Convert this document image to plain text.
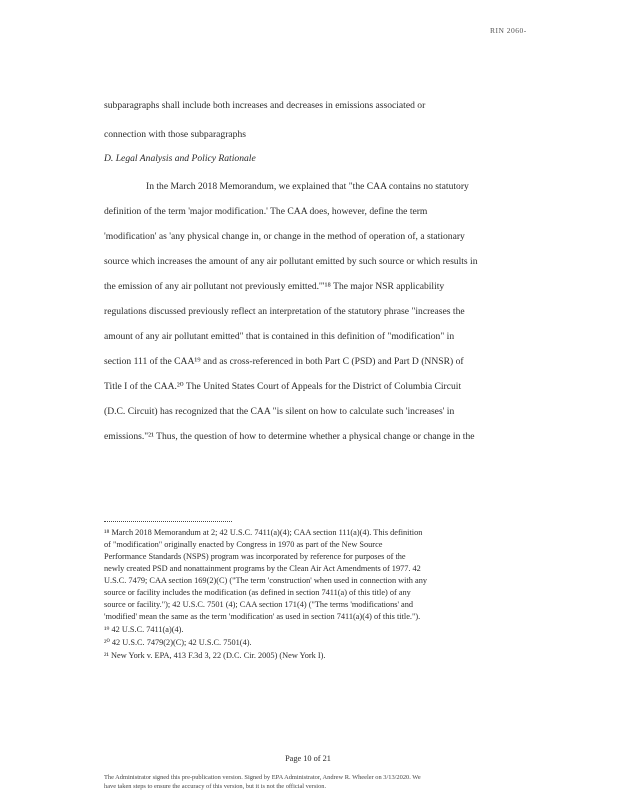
RIN 2060-
subparagraphs shall include both increases and decreases in emissions associated or
connection with those subparagraphs
D. Legal Analysis and Policy Rationale
In the March 2018 Memorandum, we explained that "the CAA contains no statutory
definition of the term 'major modification.' The CAA does, however, define the term
'modification' as 'any physical change in, or change in the method of operation of, a stationary
source which increases the amount of any air pollutant emitted by such source or which results in
the emission of any air pollutant not previously emitted.'"¹⁸ The major NSR applicability
regulations discussed previously reflect an interpretation of the statutory phrase "increases the
amount of any air pollutant emitted" that is contained in this definition of "modification" in
section 111 of the CAA¹⁹ and as cross-referenced in both Part C (PSD) and Part D (NNSR) of
Title I of the CAA.²⁰ The United States Court of Appeals for the District of Columbia Circuit
(D.C. Circuit) has recognized that the CAA "is silent on how to calculate such 'increases' in
emissions."²¹ Thus, the question of how to determine whether a physical change or change in the
¹⁸ March 2018 Memorandum at 2; 42 U.S.C. 7411(a)(4); CAA section 111(a)(4). This definition
of "modification" originally enacted by Congress in 1970 as part of the New Source
Performance Standards (NSPS) program was incorporated by reference for purposes of the
newly created PSD and nonattainment programs by the Clean Air Act Amendments of 1977. 42
U.S.C. 7479; CAA section 169(2)(C) ("The term 'construction' when used in connection with any
source or facility includes the modification (as defined in section 7411(a) of this title) of any
source or facility."); 42 U.S.C. 7501 (4); CAA section 171(4) ("The terms 'modifications' and
'modified' mean the same as the term 'modification' as used in section 7411(a)(4) of this title.").
¹⁹ 42 U.S.C. 7411(a)(4).
²⁰ 42 U.S.C. 7479(2)(C); 42 U.S.C. 7501(4).
²¹ New York v. EPA, 413 F.3d 3, 22 (D.C. Cir. 2005) (New York I).
Page 10 of 21
The Administrator signed this pre-publication version. Signed by EPA Administrator, Andrew R. Wheeler on 3/13/2020. We
have taken steps to ensure the accuracy of this version, but it is not the official version.
